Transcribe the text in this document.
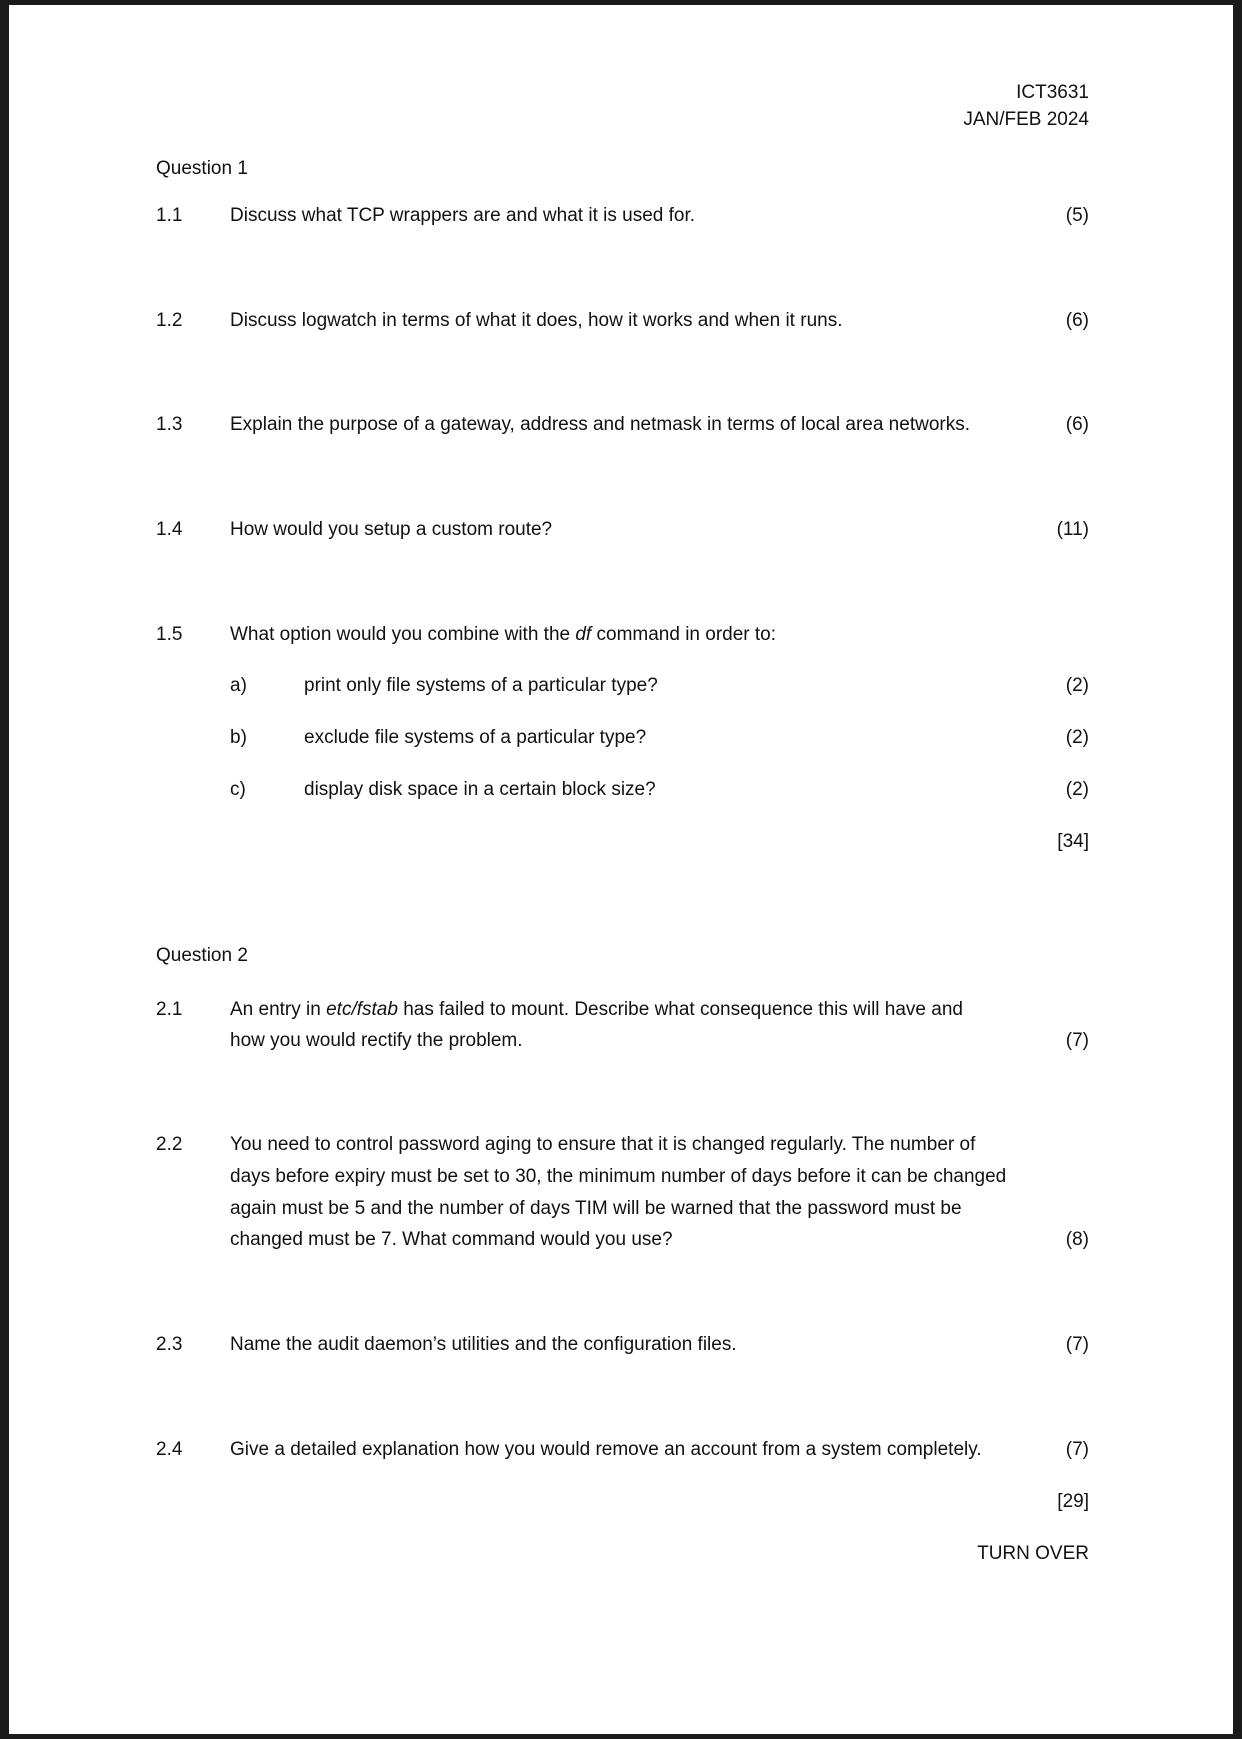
ICT3631
JAN/FEB 2024
Question 1
1.1	Discuss what TCP wrappers are and what it is used for.	(5)
1.2	Discuss logwatch in terms of what it does, how it works and when it runs.	(6)
1.3	Explain the purpose of a gateway, address and netmask in terms of local area networks.	(6)
1.4	How would you setup a custom route?	(11)
1.5	What option would you combine with the df command in order to:
a)	print only file systems of a particular type?	(2)
b)	exclude file systems of a particular type?	(2)
c)	display disk space in a certain block size?	(2)
[34]
Question 2
2.1	An entry in etc/fstab has failed to mount. Describe what consequence this will have and
how you would rectify the problem.	(7)
2.2	You need to control password aging to ensure that it is changed regularly. The number of
days before expiry must be set to 30, the minimum number of days before it can be changed
again must be 5 and the number of days TIM will be warned that the password must be
changed must be 7. What command would you use?	(8)
2.3	Name the audit daemon’s utilities and the configuration files.	(7)
2.4	Give a detailed explanation how you would remove an account from a system completely.	(7)
[29]
TURN OVER
